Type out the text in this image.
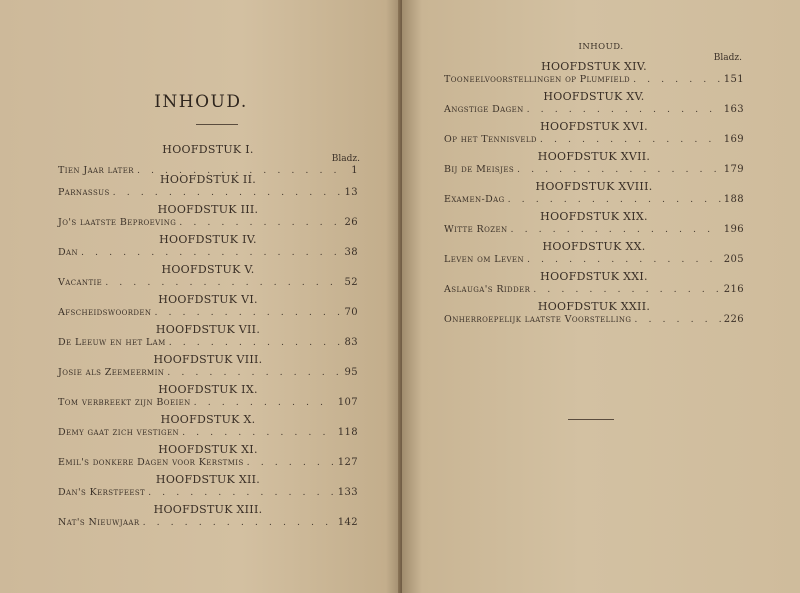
INHOUD.
Bladz.
HOOFDSTUK I.
Tien Jaar later . . .	1
HOOFDSTUK II.
Parnassus . . .	13
HOOFDSTUK III.
Jo's laatste Beproeving . . .	26
HOOFDSTUK IV.
Dan . . .	38
HOOFDSTUK V.
Vacantie . . .	52
HOOFDSTUK VI.
Afscheidswoorden . . .	70
HOOFDSTUK VII.
De Leeuw en het Lam . . .	83
HOOFDSTUK VIII.
Josie als Zeemeermin . . .	95
HOOFDSTUK IX.
Tom verbreekt zijn Boeien . . .	107
HOOFDSTUK X.
Demy gaat zich vestigen . . .	118
HOOFDSTUK XI.
Emil's donkere Dagen voor Kerstmis . . .	127
HOOFDSTUK XII.
Dan's Kerstfeest . . .	133
HOOFDSTUK XIII.
Nat's Nieuwjaar . . .	142
INHOUD.
Bladz.
HOOFDSTUK XIV.
Tooneelvoorstellingen op Plumfield . . .	151
HOOFDSTUK XV.
Angstige Dagen . . .	163
HOOFDSTUK XVI.
Op het Tennisveld . . .	169
HOOFDSTUK XVII.
Bij de Meisjes . . .	179
HOOFDSTUK XVIII.
Examen-Dag . . .	188
HOOFDSTUK XIX.
Witte Rozen . . .	196
HOOFDSTUK XX.
Leven om Leven . . .	205
HOOFDSTUK XXI.
Aslauga's Ridder . . .	216
HOOFDSTUK XXII.
Onherroepelijk laatste Voorstelling . . .	226
